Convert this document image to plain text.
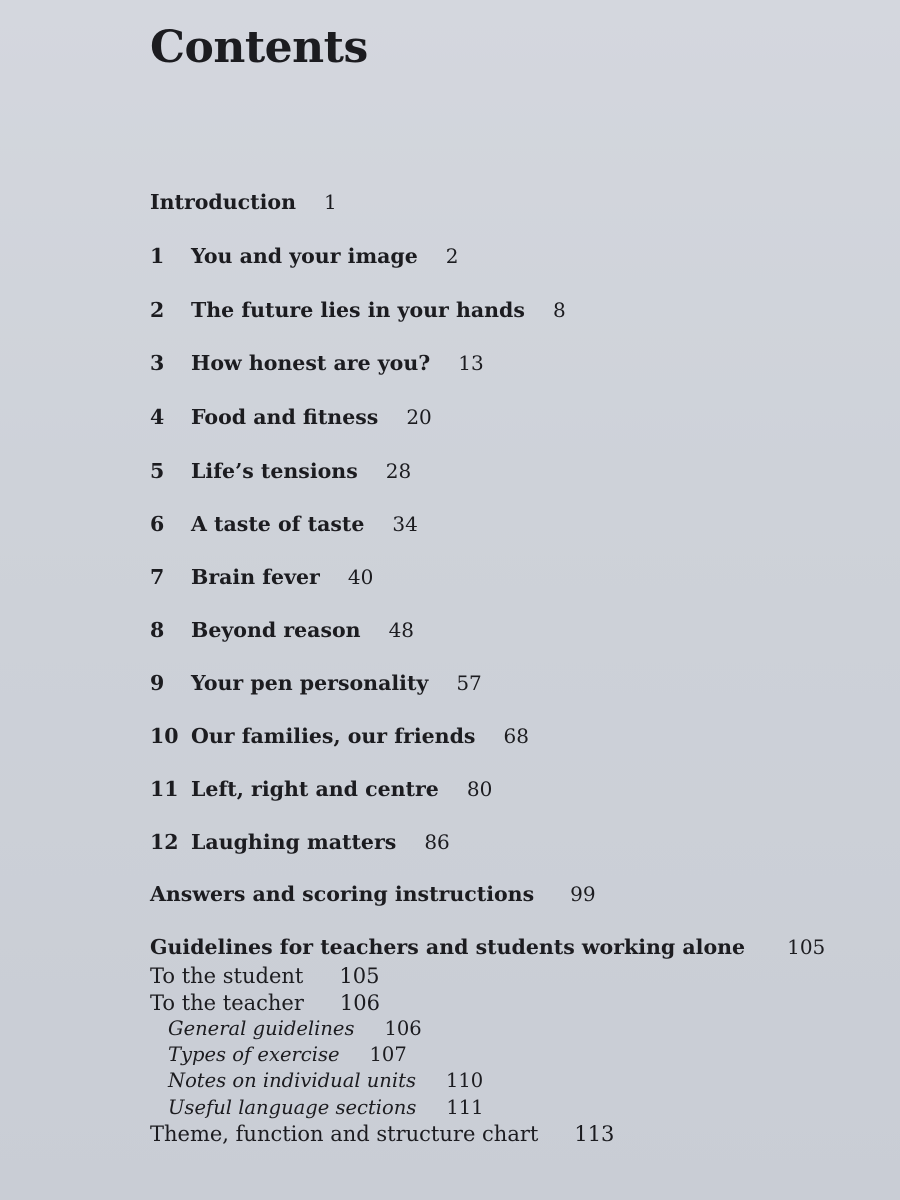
Contents
Introduction 1
1 You and your image 2
2 The future lies in your hands 8
3 How honest are you? 13
4 Food and fitness 20
5 Life’s tensions 28
6 A taste of taste 34
7 Brain fever 40
8 Beyond reason 48
9 Your pen personality 57
10 Our families, our friends 68
11 Left, right and centre 80
12 Laughing matters 86
Answers and scoring instructions 99
Guidelines for teachers and students working alone 105
To the student 105
To the teacher 106
General guidelines 106
Types of exercise 107
Notes on individual units 110
Useful language sections 111
Theme, function and structure chart 113
